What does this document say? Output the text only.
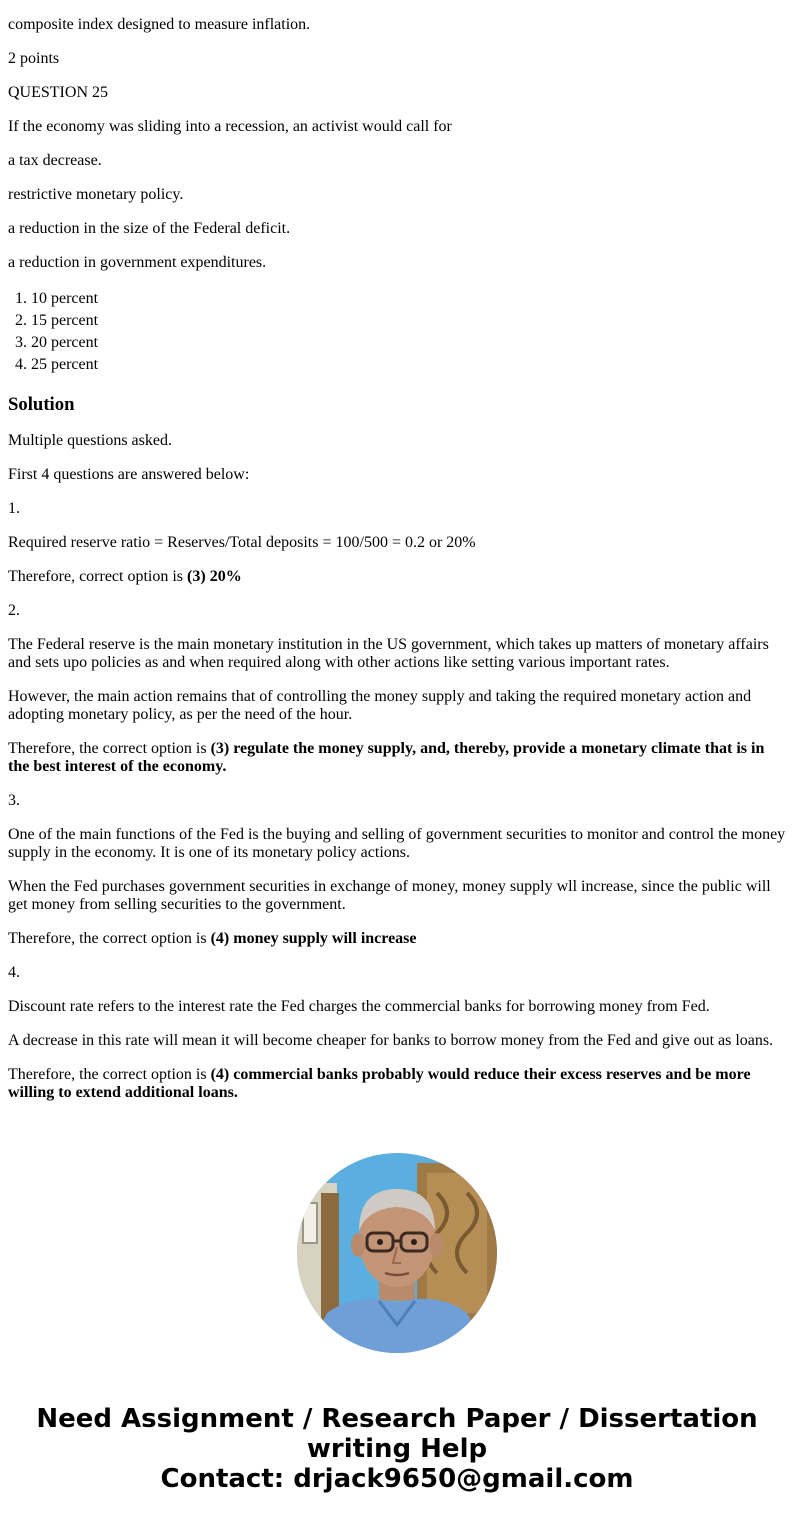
composite index designed to measure inflation.

2 points

QUESTION 25

If the economy was sliding into a recession, an activist would call for

a tax decrease.

restrictive monetary policy.

a reduction in the size of the Federal deficit.

a reduction in government expenditures.

1. 10 percent
2. 15 percent
3. 20 percent
4. 25 percent
Solution

Multiple questions asked.

First 4 questions are answered below:

1.

Required reserve ratio = Reserves/Total deposits = 100/500 = 0.2 or 20%

Therefore, correct option is (3) 20%

2.

The Federal reserve is the main monetary institution in the US government, which takes up matters of monetary affairs and sets upo policies as and when required along with other actions like setting various important rates.

However, the main action remains that of controlling the money supply and taking the required monetary action and adopting monetary policy, as per the need of the hour.

Therefore, the correct option is (3) regulate the money supply, and, thereby, provide a monetary climate that is in the best interest of the economy.

3.

One of the main functions of the Fed is the buying and selling of government securities to monitor and control the money supply in the economy. It is one of its monetary policy actions.

When the Fed purchases government securities in exchange of money, money supply wll increase, since the public will get money from selling securities to the government.

Therefore, the correct option is (4) money supply will increase

4.

Discount rate refers to the interest rate the Fed charges the commercial banks for borrowing money from Fed.

A decrease in this rate will mean it will become cheaper for banks to borrow money from the Fed and give out as loans.

Therefore, the correct option is (4) commercial banks probably would reduce their excess reserves and be more willing to extend additional loans.

Need Assignment / Research Paper / Dissertation
writing Help
Contact: drjack9650@gmail.com
